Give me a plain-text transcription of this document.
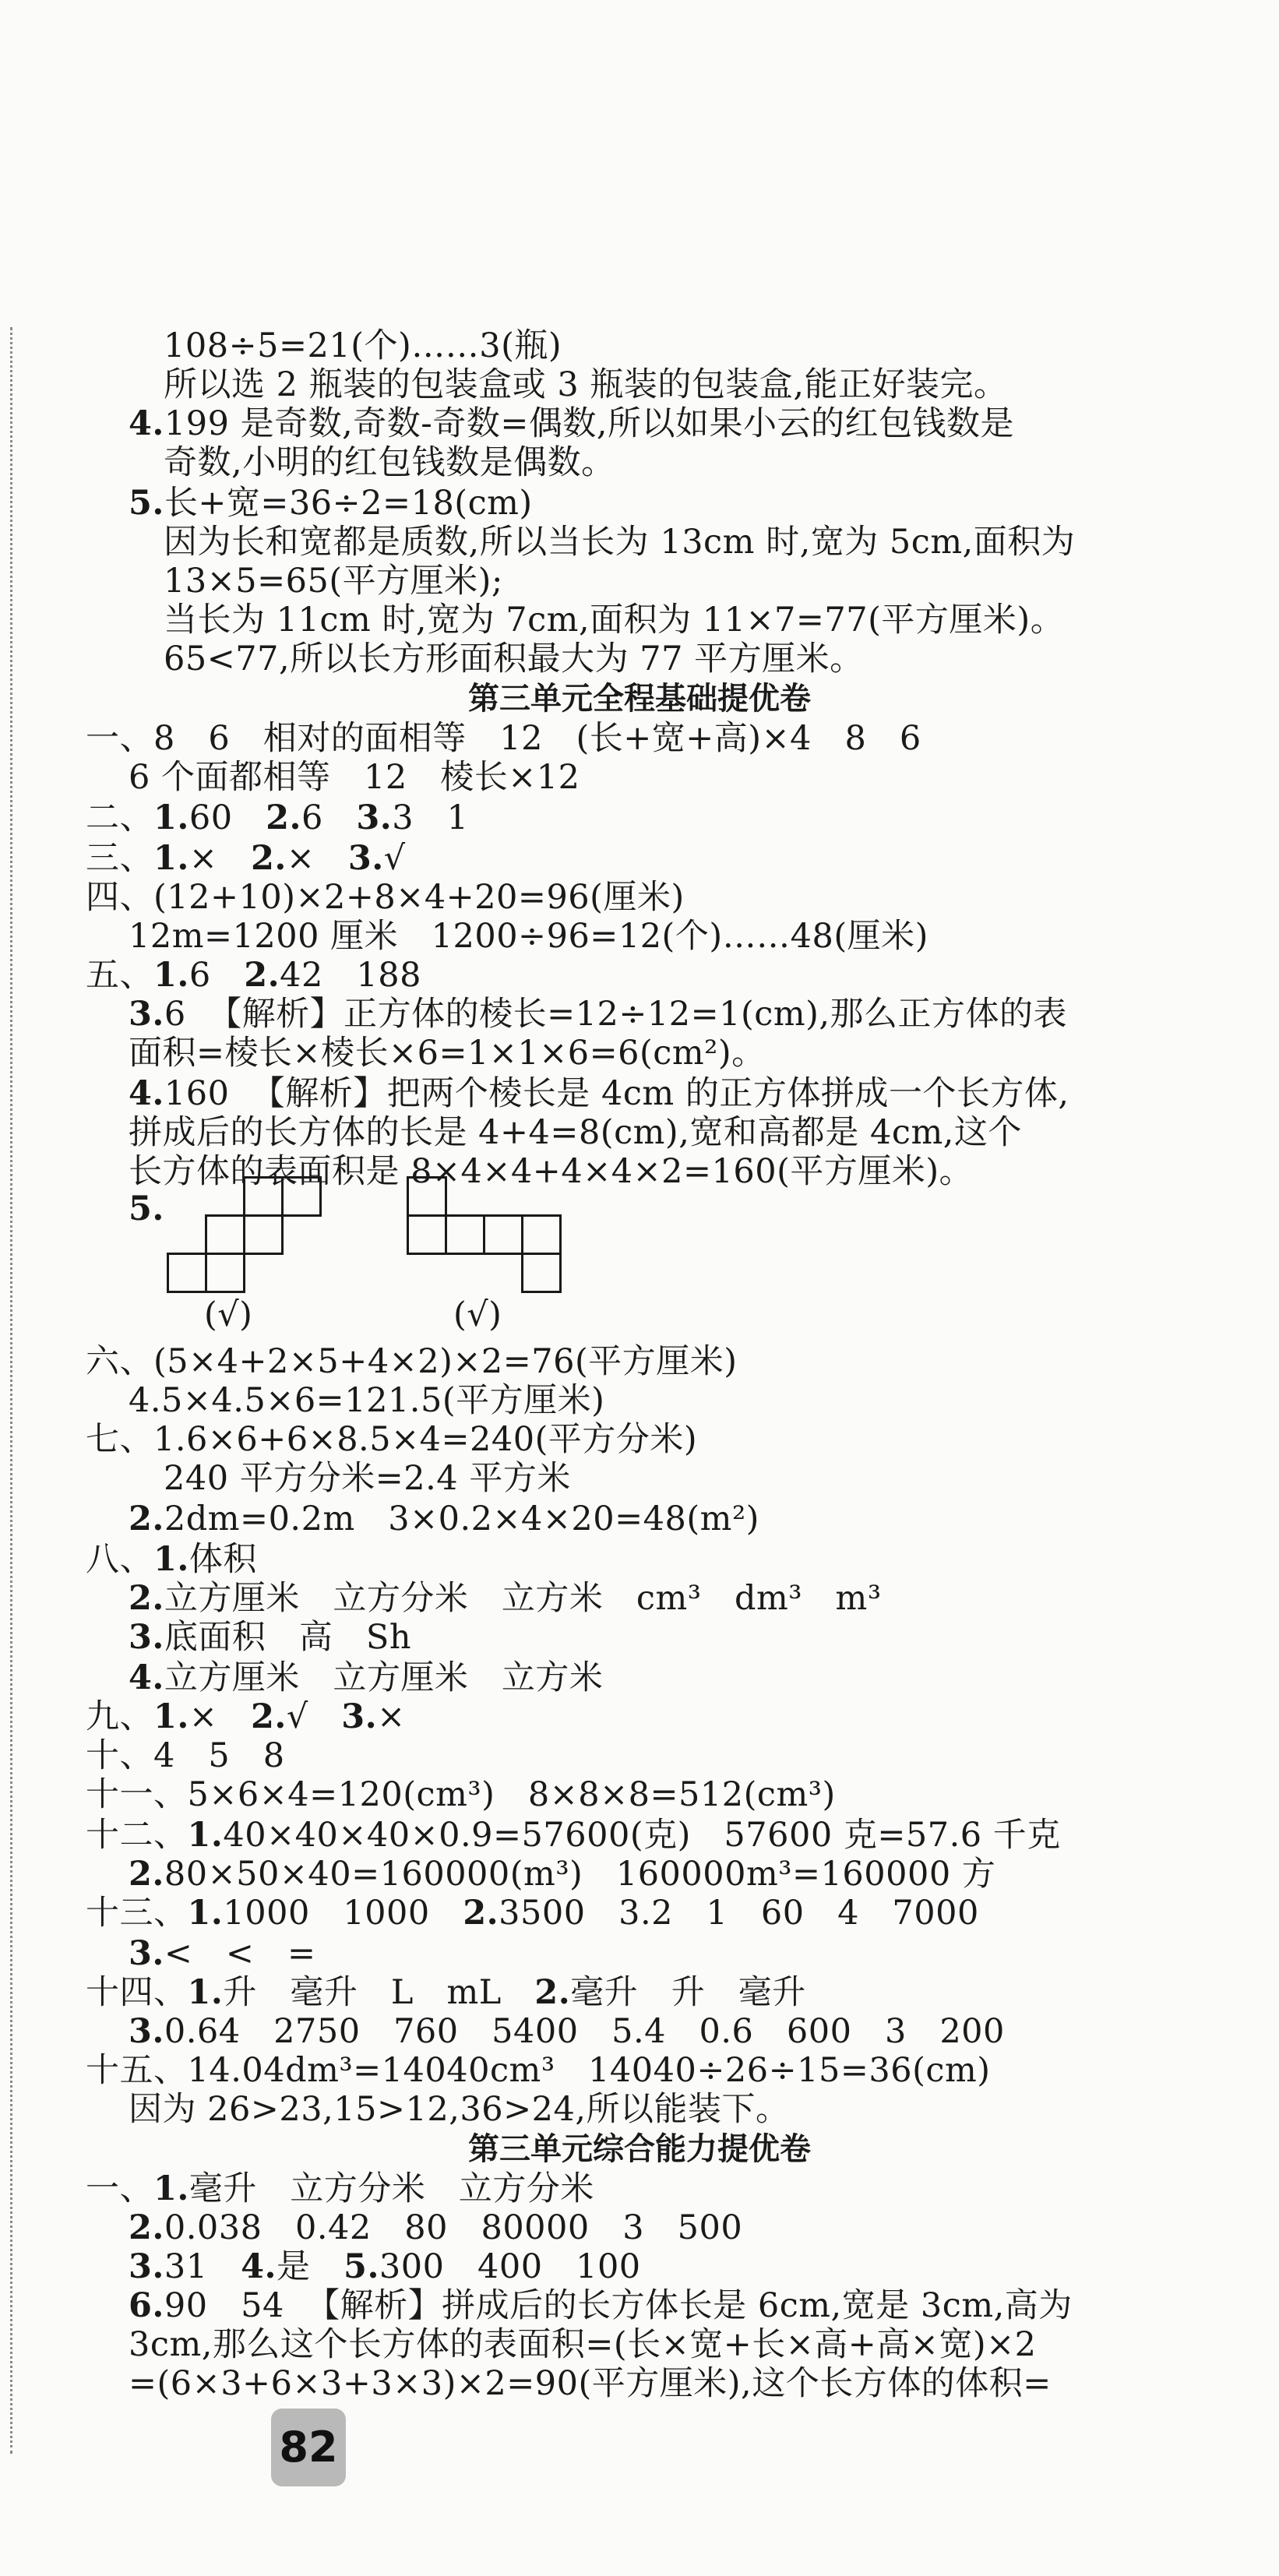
108÷5=21(个)……3(瓶)
所以选 2 瓶装的包装盒或 3 瓶装的包装盒,能正好装完。
4.199 是奇数,奇数-奇数=偶数,所以如果小云的红包钱数是
奇数,小明的红包钱数是偶数。
5.长+宽=36÷2=18(cm)
因为长和宽都是质数,所以当长为 13cm 时,宽为 5cm,面积为
13×5=65(平方厘米);
当长为 11cm 时,宽为 7cm,面积为 11×7=77(平方厘米)。
65<77,所以长方形面积最大为 77 平方厘米。
第三单元全程基础提优卷
一、8   6   相对的面相等   12   (长+宽+高)×4   8   6
6 个面都相等   12   棱长×12
二、1.60   2.6   3.3   1
三、1.×   2.×   3.√
四、(12+10)×2+8×4+20=96(厘米)
12m=1200 厘米   1200÷96=12(个)……48(厘米)
五、1.6   2.42   188
3.6  【解析】正方体的棱长=12÷12=1(cm),那么正方体的表
面积=棱长×棱长×6=1×1×6=6(cm²)。
4.160  【解析】把两个棱长是 4cm 的正方体拼成一个长方体,
拼成后的长方体的长是 4+4=8(cm),宽和高都是 4cm,这个
长方体的表面积是 8×4×4+4×4×2=160(平方厘米)。
5.
(√)	(√)
六、(5×4+2×5+4×2)×2=76(平方厘米)
4.5×4.5×6=121.5(平方厘米)
七、1.6×6+6×8.5×4=240(平方分米)
240 平方分米=2.4 平方米
2.2dm=0.2m   3×0.2×4×20=48(m²)
八、1.体积
2.立方厘米   立方分米   立方米   cm³   dm³   m³
3.底面积   高   Sh
4.立方厘米   立方厘米   立方米
九、1.×   2.√   3.×
十、4   5   8
十一、5×6×4=120(cm³)   8×8×8=512(cm³)
十二、1.40×40×40×0.9=57600(克)   57600 克=57.6 千克
2.80×50×40=160000(m³)   160000m³=160000 方
十三、1.1000   1000   2.3500   3.2   1   60   4   7000
3.<   <   =
十四、1.升   毫升   L   mL   2.毫升   升   毫升
3.0.64   2750   760   5400   5.4   0.6   600   3   200
十五、14.04dm³=14040cm³   14040÷26÷15=36(cm)
因为 26>23,15>12,36>24,所以能装下。
第三单元综合能力提优卷
一、1.毫升   立方分米   立方分米
2.0.038   0.42   80   80000   3   500
3.31   4.是   5.300   400   100
6.90   54  【解析】拼成后的长方体长是 6cm,宽是 3cm,高为
3cm,那么这个长方体的表面积=(长×宽+长×高+高×宽)×2
=(6×3+6×3+3×3)×2=90(平方厘米),这个长方体的体积=
82
